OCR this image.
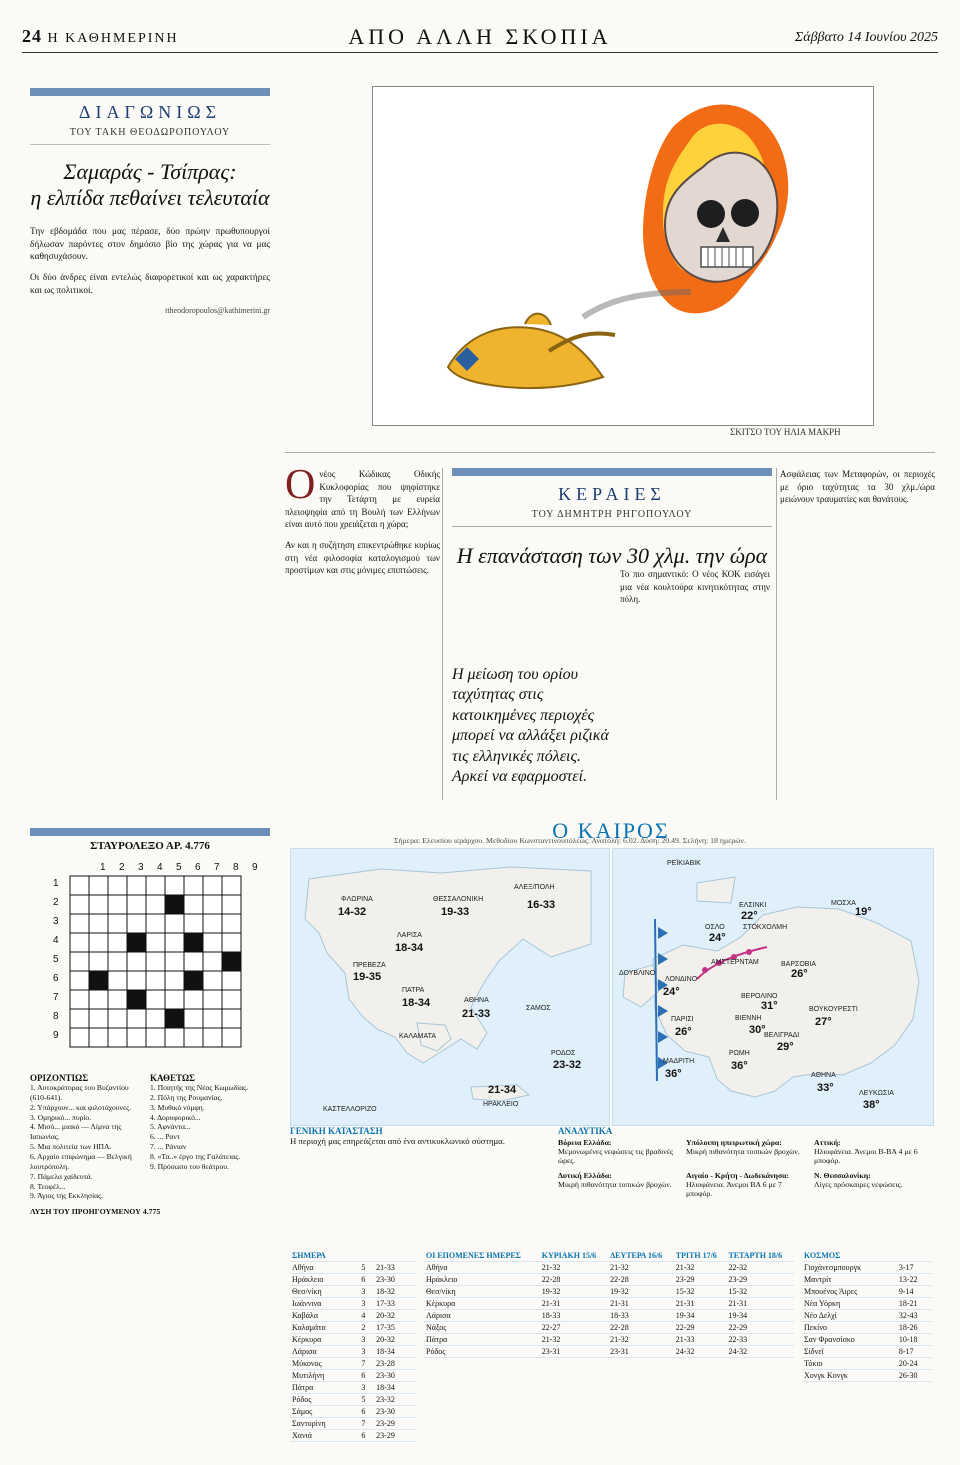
24 Η ΚΑΘΗΜΕΡΙΝΗ	ΑΠΟ ΑΛΛΗ ΣΚΟΠΙΑ	Σάββατο 14 Ιουνίου 2025
ΔΙΑΓΩΝΙΩΣ
ΤΟΥ ΤΑΚΗ ΘΕΟΔΩΡΟΠΟΥΛΟΥ
Σαμαράς - Τσίπρας:
η ελπίδα πεθαίνει τελευταία

Την εβδομάδα που μας πέρασε, δύο πρώην πρωθυπουργοί δήλωσαν παρόντες στον δημόσιο βίο της χώρας για να μας καθησυχάσουν.

Οι δύο άνδρες είναι εντελώς διαφορετικοί και ως χαρακτήρες και ως πολιτικοί.

ttheodoropoulos@kathimerini.gr
ΣΚΙΤΣΟ ΤΟΥ ΗΛΙΑ ΜΑΚΡΗ

Ονέος Κώδικας Οδικής Κυκλοφορίας που ψηφίστηκε την Τετάρτη με ευρεία πλειοψηφία από τη Βουλή των Ελλήνων είναι αυτό που χρειάζεται η χώρα;

Αν και η συζήτηση επικεντρώθηκε κυρίως στη νέα φιλοσοφία καταλογισμού των προστίμων και στις μόνιμες επιπτώσεις.

ΚΕΡΑΙΕΣ
ΤΟΥ ΔΗΜΗΤΡΗ ΡΗΓΟΠΟΥΛΟΥ
Η επανάσταση των 30 χλμ. την ώρα

Το πιο σημαντικό: Ο νέος ΚΟΚ εισάγει μια νέα κουλτούρα κινητικότητας στην πόλη.

Ασφάλειας των Μεταφορών, οι περιοχές με όριο ταχύτητας τα 30 χλμ./ώρα μειώνουν τραυματίες και θανάτους.

Η μείωση του ορίου ταχύτητας στις κατοικημένες περιοχές μπορεί να αλλάξει ριζικά τις ελληνικές πόλεις. Αρκεί να εφαρμοστεί.
ΣΤΑΥΡΟΛΕΞΟ ΑΡ. 4.776
1 2 3 4 5 6 7 8 9
1
2
3
4
5
6
7
8
9
ΟΡΙΖΟΝΤΙΩΣ
1. Αυτοκράτορας του Βυζαντίου (610-641).
2. Υπάρχουν... και φιλοτάχουνες.
3. Ομηρικό... πυρίο.
4. Μισό... μιακό — Λίμνα της Ιαπωνίας.
5. Μια πολιτεία των ΗΠΑ.
6. Αρχαίο επιφώνημα — Βελγική λουτρόπολη.
7. Πάμελα χαίδευτά.
8. Τεοφέλ...
9. Άγιος της Εκκλησίας.
ΚΑΘΕΤΩΣ
1. Ποιητής της Νέας Κωμωδίας.
2. Πόλη της Ρουμανίας.
3. Μυθικό νύμφη.
4. Δορυφορικό...
5. Αφνάντα...
6. ... Ραντ
7. ... Ράνιαν
8. «Τα..» έργο της Γαλάτειας.
9. Πρόσωπο του θεάτρου.
ΛΥΣΗ ΤΟΥ ΠΡΟΗΓΟΥΜΕΝΟΥ 4.775
Ο ΚΑΙΡΟΣ
Σήμερα: Ελευσίου ιεράρχου. Μεθοδίου Κωνσταντινουπόλεως. Ανατολή: 6.02. Δύση: 20.49. Σελήνη: 18 ημερών.
ΦΛΩΡΙΝΑ	ΘΕΣΣΑΛΟΝΙΚΗ
ΑΛΕΞ/ΠΟΛΗ
ΛΑΡΙΣΑ
ΠΡΕΒΕΖΑ
ΠΑΤΡΑ
ΑΘΗΝΑ
ΚΑΛΑΜΑΤΑ
ΗΡΑΚΛΕΙΟ
ΣΑΜΟΣ
ΡΟΔΟΣ
ΚΑΣΤΕΛΛΟΡΙΖΟ
14-32	19-33
16-33
18-34
19-35
18-34
21-33
21-34
23-32
ΡΕΪΚΙΑΒΙΚ
ΕΛΣΙΝΚΙ
ΣΤΟΚΧΟΛΜΗ
ΟΣΛΟ
ΜΟΣΧΑ
ΔΟΥΒΛΙΝΟ
ΛΟΝΔΙΝΟ
ΑΜΣΤΕΡΝΤΑΜ	ΒΑΡΣΟΒΙΑ
ΠΑΡΙΣΙ
ΒΕΡΟΛΙΝΟ
ΒΙΕΝΝΗ
ΒΟΥΚΟΥΡΕΣΤΙ
ΒΕΛΙΓΡΑΔΙ
ΡΩΜΗ
ΜΑΔΡΙΤΗ
ΑΘΗΝΑ
ΛΕΥΚΩΣΙΑ
22°
24°
19°
24°
26°
26°
31°
30°
27°
29°
36°
36°
33°
38°
ΓΕΝΙΚΗ ΚΑΤΑΣΤΑΣΗ
Η περιοχή μας επηρεάζεται από ένα αντικυκλωνικό σύστημα.
ΑΝΑΛΥΤΙΚΑ
Βόρεια Ελλάδα:
Μεμονωμένες νεφώσεις τις βραδινές ώρες.
Υπόλοιπη ηπειρωτική χώρα:
Μικρή πιθανότητα τοπικών βροχών.
Αττική:
Ηλιοφάνεια. Άνεμοι Β-ΒΑ 4 με 6 μποφόρ.
Δυτική Ελλάδα:
Μικρή πιθανότητα τοπικών βροχών.
Αιγαίο - Κρήτη - Δωδεκάνησα:
Ηλιοφάνεια. Άνεμοι ΒΑ 6 με 7 μποφόρ.
Ν. Θεσσαλονίκη:
Λίγες πρόσκαιρες νεφώσεις.
ΣΗΜΕΡΑ		
Αθήνα	5	21-33
Ηράκλειο	6	23-30
Θεσ/νίκη	3	18-32
Ιωάννινα	3	17-33
Καβάλα	4	20-32
Καλαμάτα	2	17-35
Κέρκυρα	3	20-32
Λάρισα	3	18-34
Μύκονος	7	23-28
Μυτιλήνη	6	23-30
Πάτρα	3	18-34
Ρόδος	5	23-32
Σάμος	6	23-30
Σαντορίνη	7	23-29
Χανιά	6	23-29
ΟΙ ΕΠΟΜΕΝΕΣ ΗΜΕΡΕΣ	ΚΥΡΙΑΚΗ 15/6	ΔΕΥΤΕΡΑ 16/6	ΤΡΙΤΗ 17/6	ΤΕΤΑΡΤΗ 18/6
Αθήνα	21-32	21-32	21-32	22-32
Ηράκλειο	22-28	22-28	23-29	23-29
Θεσ/νίκη	19-32	19-32	15-32	15-32
Κέρκυρα	21-31	21-31	21-31	21-31
Λάρισα	18-33	18-33	19-34	19-34
Νάξος	22-27	22-28	22-29	22-29
Πάτρα	21-32	21-32	21-33	22-33
Ρόδος	23-31	23-31	24-32	24-32
ΚΟΣΜΟΣ	
Γιοχάνεσμπουργκ	3-17
Μαντρίτ	13-22
Μπουένος Άιρες	9-14
Νέα Υόρκη	18-21
Νέο Δελχί	32-43
Πεκίνο	18-26
Σαν Φρανσίσκο	10-18
Σίδνεϊ	8-17
Τόκιο	20-24
Χονγκ Κονγκ	26-30
